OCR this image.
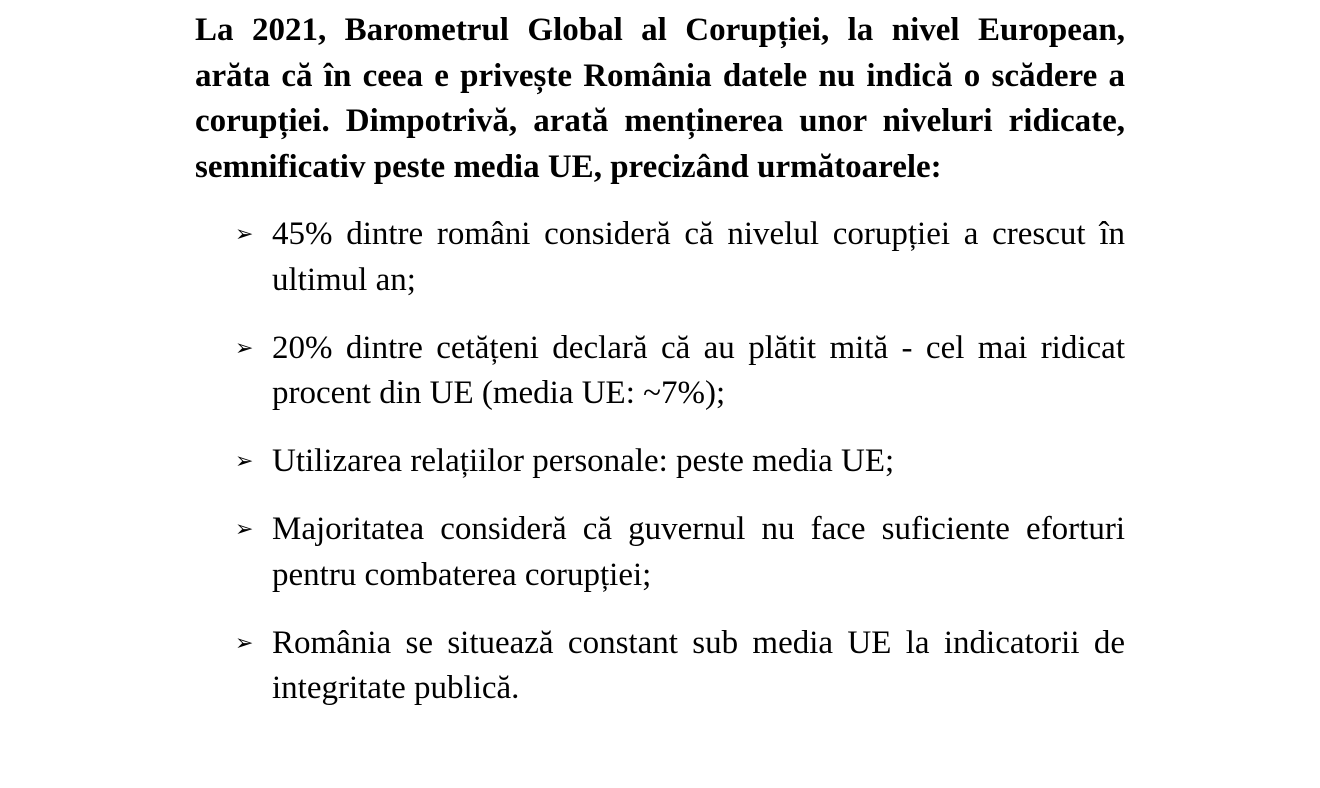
La 2021, Barometrul Global al Corupției, la nivel European, arăta că în ceea e privește România datele nu indică o scădere a corupției. Dimpotrivă, arată menținerea unor niveluri ridicate, semnificativ peste media UE, precizând următoarele:

➢ 45% dintre români consideră că nivelul corupției a crescut în ultimul an;
➢ 20% dintre cetățeni declară că au plătit mită - cel mai ridicat procent din UE (media UE: ~7%);
➢ Utilizarea relațiilor personale: peste media UE;
➢ Majoritatea consideră că guvernul nu face suficiente eforturi pentru combaterea corupției;
➢ România se situează constant sub media UE la indicatorii de integritate publică.
